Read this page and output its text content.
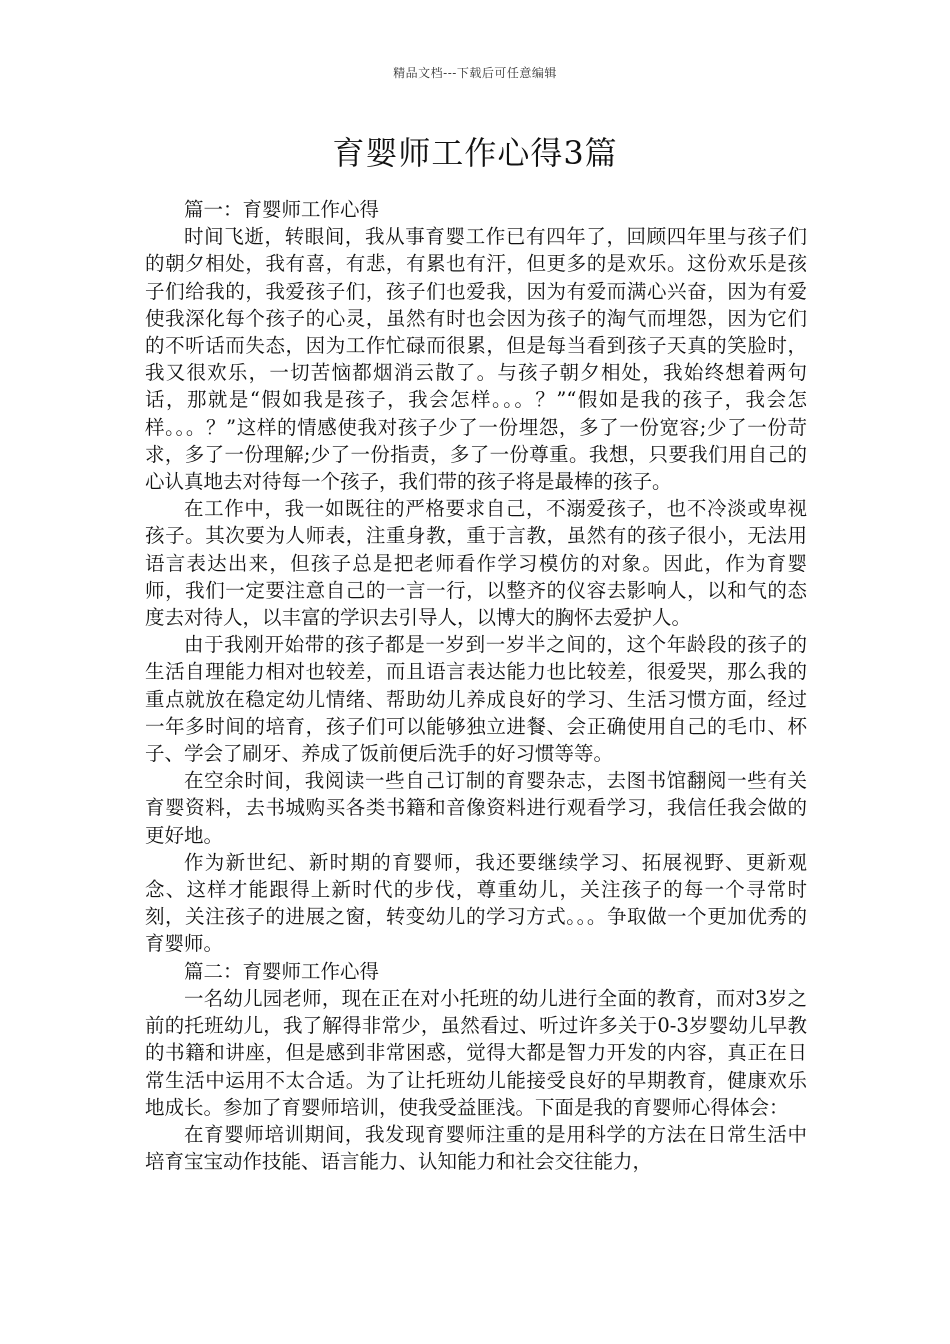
精品文档---下载后可任意编辑
育婴师工作心得3篇

篇一：育婴师工作心得

时间飞逝，转眼间，我从事育婴工作已有四年了，回顾四年里与孩子们的朝夕相处，我有喜，有悲，有累也有汗，但更多的是欢乐。这份欢乐是孩子们给我的，我爱孩子们，孩子们也爱我，因为有爱而满心兴奋，因为有爱使我深化每个孩子的心灵，虽然有时也会因为孩子的淘气而埋怨，因为它们的不听话而失态，因为工作忙碌而很累，但是每当看到孩子天真的笑脸时，我又很欢乐，一切苦恼都烟消云散了。与孩子朝夕相处，我始终想着两句话，那就是“假如我是孩子，我会怎样。。。？”“假如是我的孩子，我会怎样。。。？”这样的情感使我对孩子少了一份埋怨，多了一份宽容;少了一份苛求，多了一份理解;少了一份指责，多了一份尊重。我想，只要我们用自己的心认真地去对待每一个孩子，我们带的孩子将是最棒的孩子。

在工作中，我一如既往的严格要求自己，不溺爱孩子，也不冷淡或卑视孩子。其次要为人师表，注重身教，重于言教，虽然有的孩子很小，无法用语言表达出来，但孩子总是把老师看作学习模仿的对象。因此，作为育婴师，我们一定要注意自己的一言一行，以整齐的仪容去影响人，以和气的态度去对待人，以丰富的学识去引导人，以博大的胸怀去爱护人。

由于我刚开始带的孩子都是一岁到一岁半之间的，这个年龄段的孩子的生活自理能力相对也较差，而且语言表达能力也比较差，很爱哭，那么我的重点就放在稳定幼儿情绪、帮助幼儿养成良好的学习、生活习惯方面，经过一年多时间的培育，孩子们可以能够独立进餐、会正确使用自己的毛巾、杯子、学会了刷牙、养成了饭前便后洗手的好习惯等等。

在空余时间，我阅读一些自己订制的育婴杂志，去图书馆翻阅一些有关育婴资料，去书城购买各类书籍和音像资料进行观看学习，我信任我会做的更好地。

作为新世纪、新时期的育婴师，我还要继续学习、拓展视野、更新观念、这样才能跟得上新时代的步伐，尊重幼儿，关注孩子的每一个寻常时刻，关注孩子的进展之窗，转变幼儿的学习方式。。。争取做一个更加优秀的育婴师。

篇二：育婴师工作心得

一名幼儿园老师，现在正在对小托班的幼儿进行全面的教育，而对3岁之前的托班幼儿，我了解得非常少，虽然看过、听过许多关于0-3岁婴幼儿早教的书籍和讲座，但是感到非常困惑，觉得大都是智力开发的内容，真正在日常生活中运用不太合适。为了让托班幼儿能接受良好的早期教育，健康欢乐地成长。参加了育婴师培训，使我受益匪浅。下面是我的育婴师心得体会：

在育婴师培训期间，我发现育婴师注重的是用科学的方法在日常生活中培育宝宝动作技能、语言能力、认知能力和社会交往能力，
